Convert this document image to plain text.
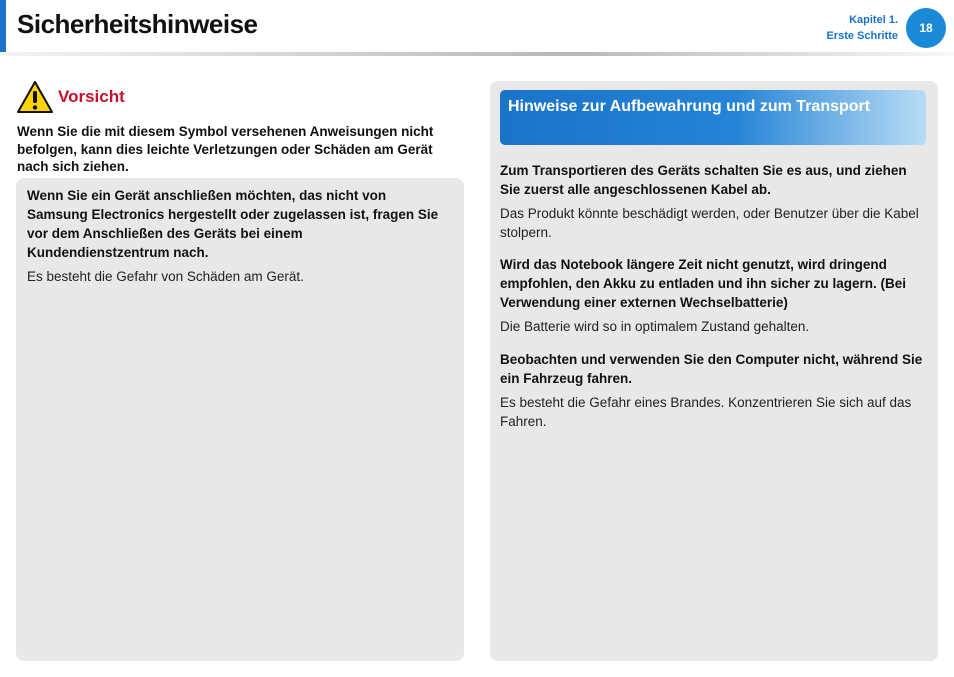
Sicherheitshinweise	Kapitel 1.
Erste Schritte
18
Vorsicht

Wenn Sie die mit diesem Symbol versehenen Anweisungen nicht befolgen, kann dies leichte Verletzungen oder Schäden am Gerät nach sich ziehen.

Wenn Sie ein Gerät anschließen möchten, das nicht von Samsung Electronics hergestellt oder zugelassen ist, fragen Sie vor dem Anschließen des Geräts bei einem Kundendienstzentrum nach.

Es besteht die Gefahr von Schäden am Gerät.

Hinweise zur Aufbewahrung und zum Transport

Zum Transportieren des Geräts schalten Sie es aus, und ziehen Sie zuerst alle angeschlossenen Kabel ab.

Das Produkt könnte beschädigt werden, oder Benutzer über die Kabel stolpern.

Wird das Notebook längere Zeit nicht genutzt, wird dringend empfohlen, den Akku zu entladen und ihn sicher zu lagern. (Bei Verwendung einer externen Wechselbatterie)

Die Batterie wird so in optimalem Zustand gehalten.

Beobachten und verwenden Sie den Computer nicht, während Sie ein Fahrzeug fahren.

Es besteht die Gefahr eines Brandes. Konzentrieren Sie sich auf das Fahren.
